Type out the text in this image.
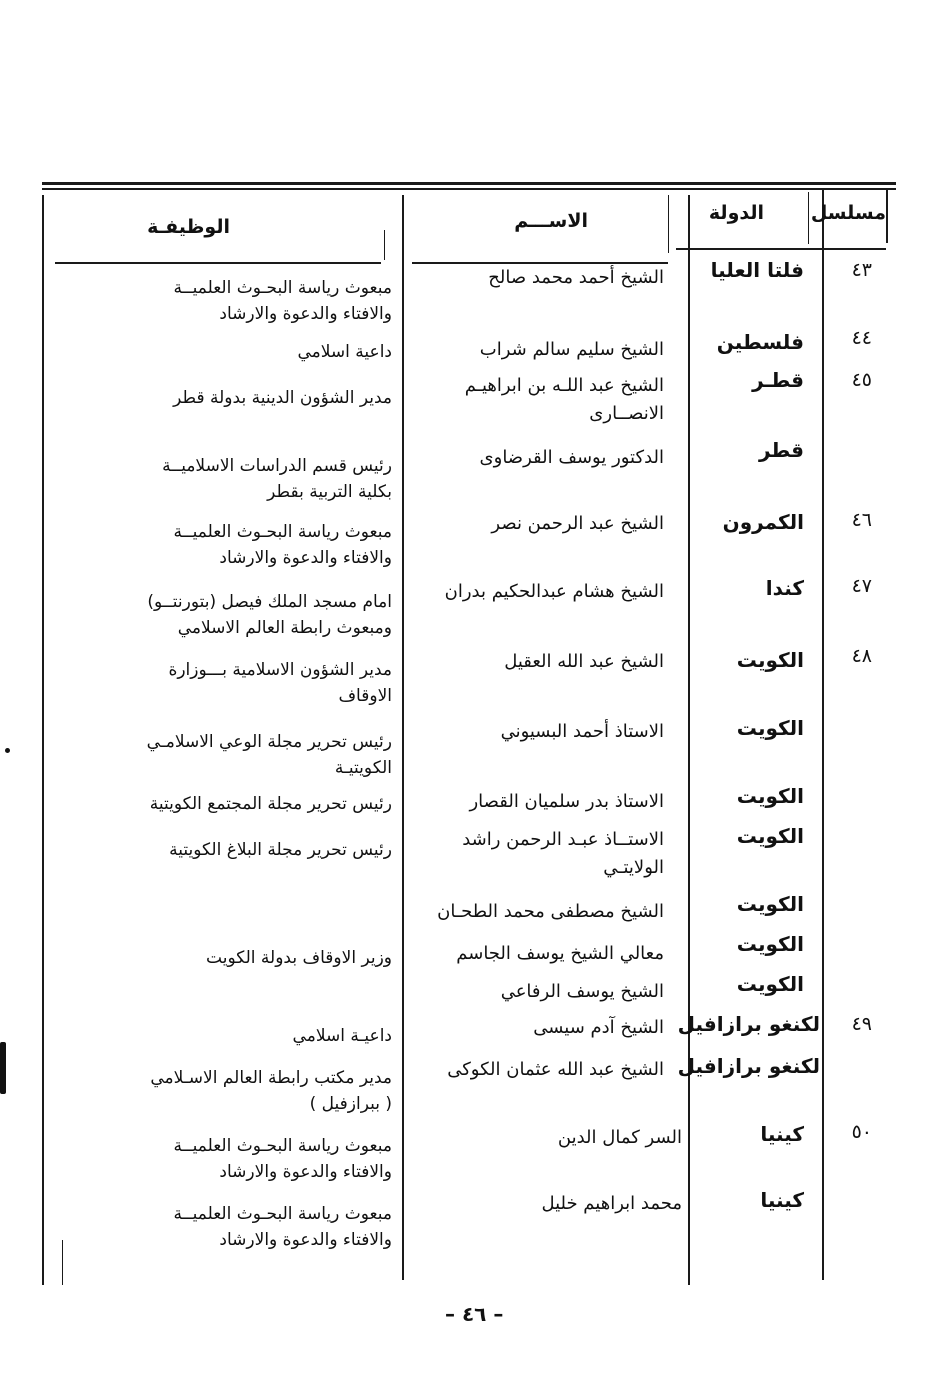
مسلسل
الدولة
الاســـم
الوظيفـة
٤٣
فلتا العليا
الشيخ أحمد محمد صالح
مبعوث رياسة البحـوث العلميــة
والافتاء والدعوة والارشاد
٤٤
فلسطين
الشيخ سليم سالم شراب
داعية اسلامي
٤٥
قطـر
الشيخ عبد اللـه بن ابراهيـم
الانصــارى
مدير الشؤون الدينية بدولة قطر
قطر
الدكتور يوسف القرضاوى
رئيس قسم الدراسات الاسلاميــة
بكلية التربية بقطر
٤٦
الكمرون
الشيخ عبد الرحمن نصر
مبعوث رياسة البحـوث العلميــة
والافتاء والدعوة والارشاد
٤٧
كندا
الشيخ هشام عبدالحكيم بدران
امام مسجد الملك فيصل (بتورنتــو)
ومبعوث رابطة العالم الاسلامي
٤٨
الكويت
الشيخ عبد الله العقيل
مدير الشؤون الاسلامية بـــوزارة
الاوقاف
الكويت
الاستاذ أحمد البسيوني
رئيس تحرير مجلة الوعي الاسلامـي
الكويتيـة
الكويت
الاستاذ بدر سلميان القصار
رئيس تحرير مجلة المجتمع الكويتية
الكويت
الاستــاذ عبـد الرحمن راشد
الولايتـي
رئيس تحرير مجلة البلاغ الكويتية
الكويت
الشيخ مصطفى محمد الطحـان
الكويت
معالي الشيخ يوسف الجاسم
وزير الاوقاف بدولة الكويت
الكويت
الشيخ يوسف الرفاعي
٤٩
لكنغو برازافيل
الشيخ آدم سيسى
داعيـة اسلامي
لكنغو برازافيل
الشيخ عبد الله عثمان الكوكى
مدير مكتب رابطة العالم الاسـلامي
( ببرازفيل )
٥٠
كينيا
السر كمال الدين
مبعوث رياسة البحـوث العلميــة
والافتاء والدعوة والارشاد
كينيا
محمد ابراهيم خليل
مبعوث رياسة البحـوث العلميــة
والافتاء والدعوة والارشاد
– ٤٦ –
